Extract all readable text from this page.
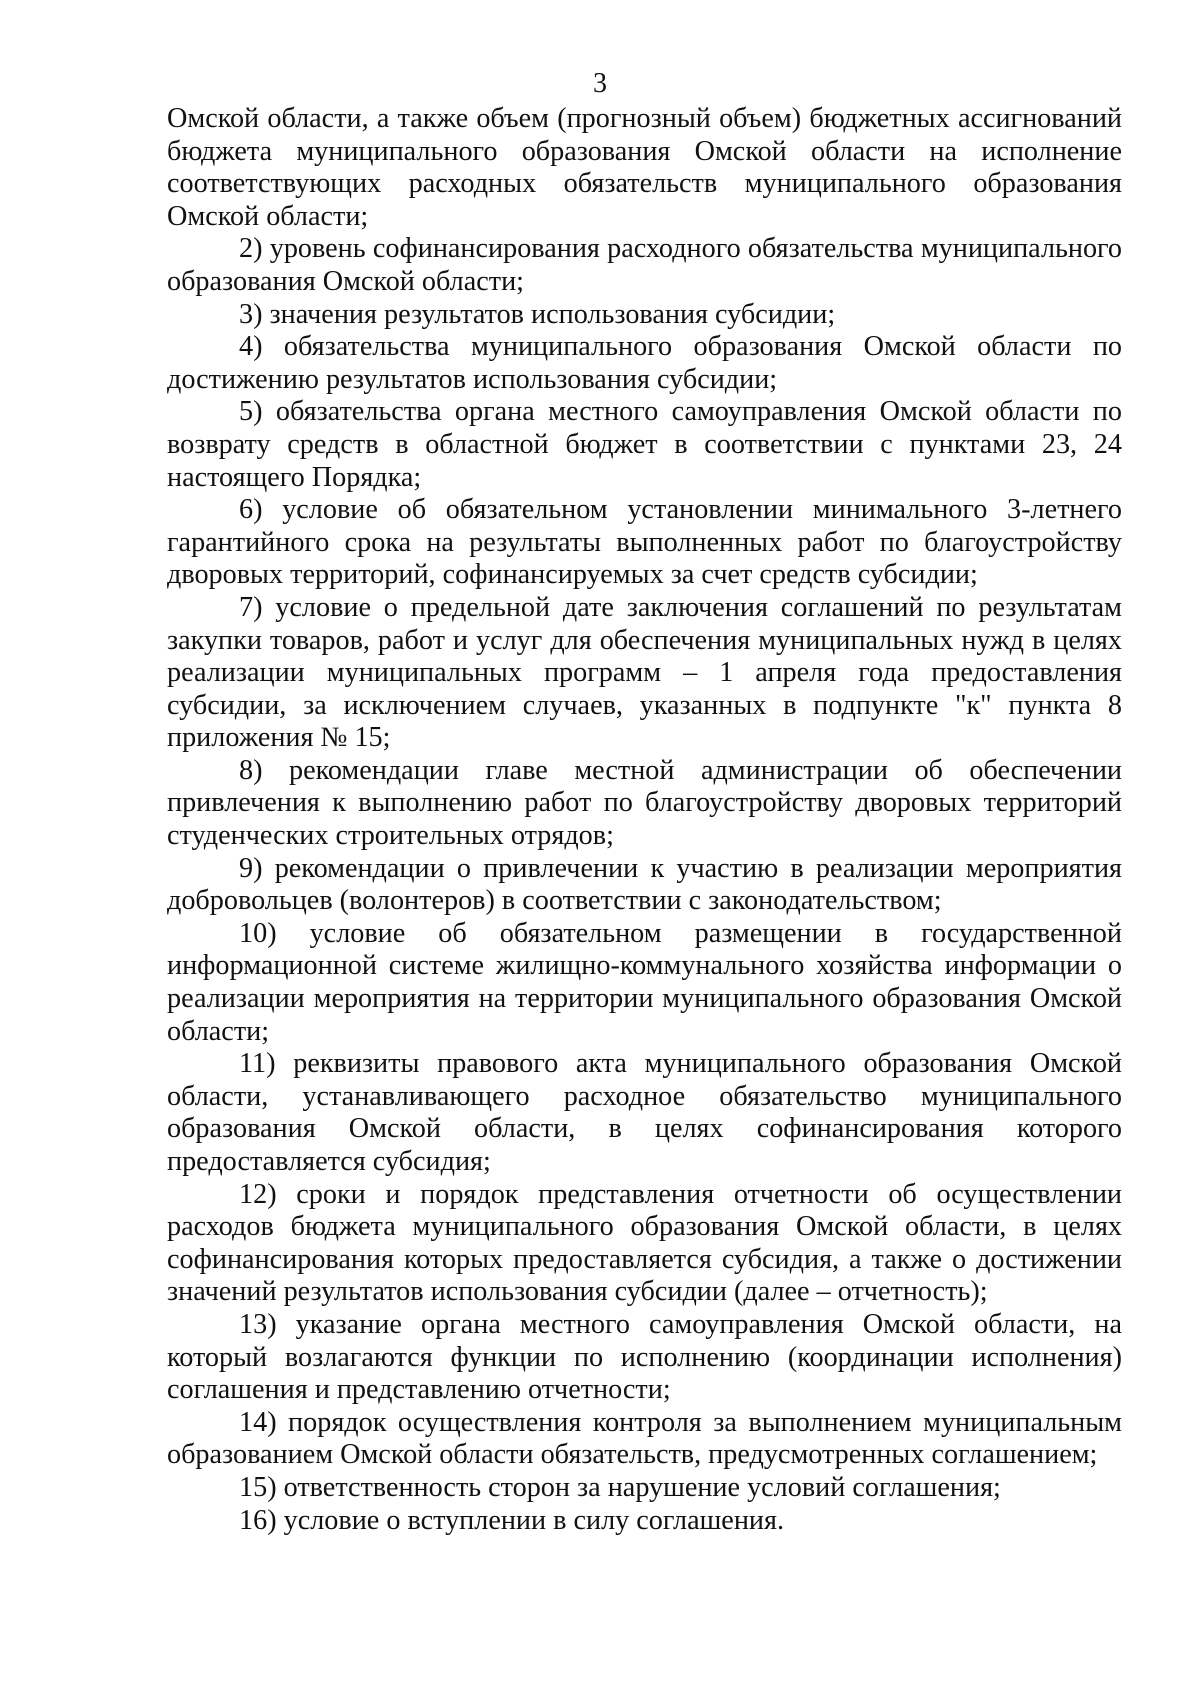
3

Омской области, а также объем (прогнозный объем) бюджетных ассигнований бюджета муниципального образования Омской области на исполнение соответствующих расходных обязательств муниципального образования Омской области;

2) уровень софинансирования расходного обязательства муниципального образования Омской области;

3) значения результатов использования субсидии;

4) обязательства муниципального образования Омской области по достижению результатов использования субсидии;

5) обязательства органа местного самоуправления Омской области по возврату средств в областной бюджет в соответствии с пунктами 23, 24 настоящего Порядка;

6) условие об обязательном установлении минимального 3-летнего гарантийного срока на результаты выполненных работ по благоустройству дворовых территорий, софинансируемых за счет средств субсидии;

7) условие о предельной дате заключения соглашений по результатам закупки товаров, работ и услуг для обеспечения муниципальных нужд в целях реализации муниципальных программ – 1 апреля года предоставления субсидии, за исключением случаев, указанных в подпункте "к" пункта 8 приложения № 15;

8) рекомендации главе местной администрации об обеспечении привлечения к выполнению работ по благоустройству дворовых территорий студенческих строительных отрядов;

9) рекомендации о привлечении к участию в реализации мероприятия добровольцев (волонтеров) в соответствии с законодательством;

10) условие об обязательном размещении в государственной информационной системе жилищно-коммунального хозяйства информации о реализации мероприятия на территории муниципального образования Омской области;

11) реквизиты правового акта муниципального образования Омской области, устанавливающего расходное обязательство муниципального образования Омской области, в целях софинансирования которого предоставляется субсидия;

12) сроки и порядок представления отчетности об осуществлении расходов бюджета муниципального образования Омской области, в целях софинансирования которых предоставляется субсидия, а также о достижении значений результатов использования субсидии (далее – отчетность);

13) указание органа местного самоуправления Омской области, на который возлагаются функции по исполнению (координации исполнения) соглашения и представлению отчетности;

14) порядок осуществления контроля за выполнением муниципальным образованием Омской области обязательств, предусмотренных соглашением;

15) ответственность сторон за нарушение условий соглашения;

16) условие о вступлении в силу соглашения.
